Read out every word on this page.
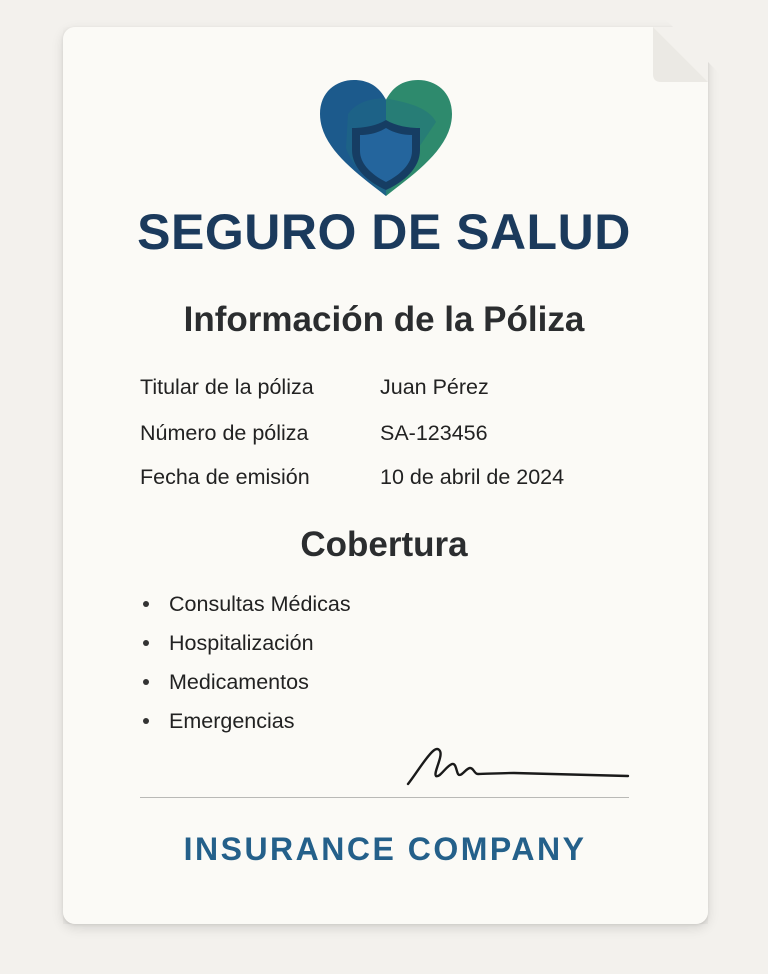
SEGURO DE SALUD
Información de la Póliza
Titular de la póliza	Juan Pérez
Número de póliza	SA-123456
Fecha de emisión	10 de abril de 2024
Cobertura
Consultas Médicas
Hospitalización
Medicamentos
Emergencias
INSURANCE COMPANY
